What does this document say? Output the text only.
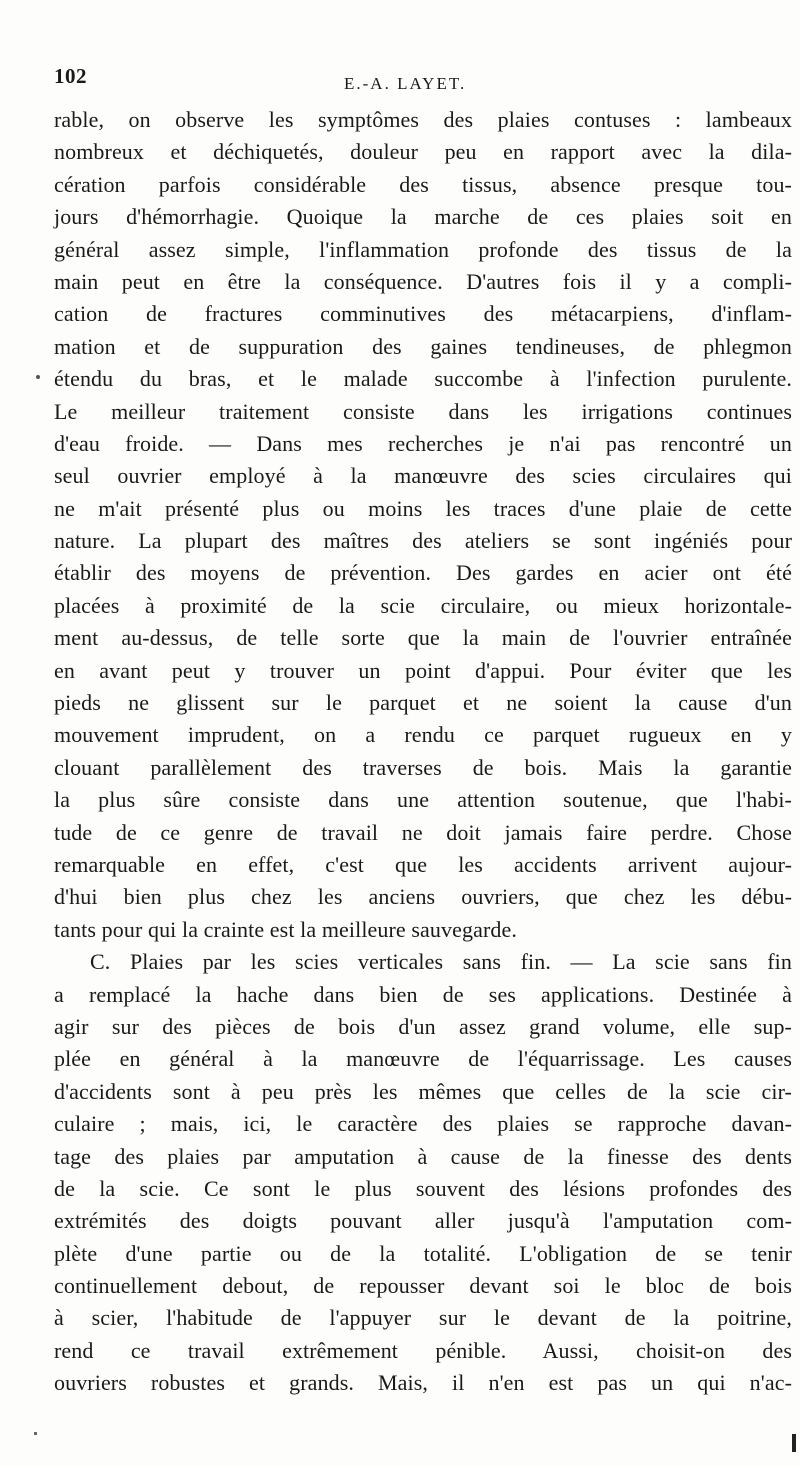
102	E.-A. LAYET.
rable, on observe les symptômes des plaies contuses : lambeaux
nombreux et déchiquetés, douleur peu en rapport avec la dila-
cération parfois considérable des tissus, absence presque tou-
jours d'hémorrhagie. Quoique la marche de ces plaies soit en
général assez simple, l'inflammation profonde des tissus de la
main peut en être la conséquence. D'autres fois il y a compli-
cation de fractures comminutives des métacarpiens, d'inflam-
mation et de suppuration des gaines tendineuses, de phlegmon
étendu du bras, et le malade succombe à l'infection purulente.
Le meilleur traitement consiste dans les irrigations continues
d'eau froide. — Dans mes recherches je n'ai pas rencontré un
seul ouvrier employé à la manœuvre des scies circulaires qui
ne m'ait présenté plus ou moins les traces d'une plaie de cette
nature. La plupart des maîtres des ateliers se sont ingéniés pour
établir des moyens de prévention. Des gardes en acier ont été
placées à proximité de la scie circulaire, ou mieux horizontale-
ment au-dessus, de telle sorte que la main de l'ouvrier entraînée
en avant peut y trouver un point d'appui. Pour éviter que les
pieds ne glissent sur le parquet et ne soient la cause d'un
mouvement imprudent, on a rendu ce parquet rugueux en y
clouant parallèlement des traverses de bois. Mais la garantie
la plus sûre consiste dans une attention soutenue, que l'habi-
tude de ce genre de travail ne doit jamais faire perdre. Chose
remarquable en effet, c'est que les accidents arrivent aujour-
d'hui bien plus chez les anciens ouvriers, que chez les débu-
tants pour qui la crainte est la meilleure sauvegarde.
C. Plaies par les scies verticales sans fin. — La scie sans fin
a remplacé la hache dans bien de ses applications. Destinée à
agir sur des pièces de bois d'un assez grand volume, elle sup-
plée en général à la manœuvre de l'équarrissage. Les causes
d'accidents sont à peu près les mêmes que celles de la scie cir-
culaire ; mais, ici, le caractère des plaies se rapproche davan-
tage des plaies par amputation à cause de la finesse des dents
de la scie. Ce sont le plus souvent des lésions profondes des
extrémités des doigts pouvant aller jusqu'à l'amputation com-
plète d'une partie ou de la totalité. L'obligation de se tenir
continuellement debout, de repousser devant soi le bloc de bois
à scier, l'habitude de l'appuyer sur le devant de la poitrine,
rend ce travail extrêmement pénible. Aussi, choisit-on des
ouvriers robustes et grands. Mais, il n'en est pas un qui n'ac-
